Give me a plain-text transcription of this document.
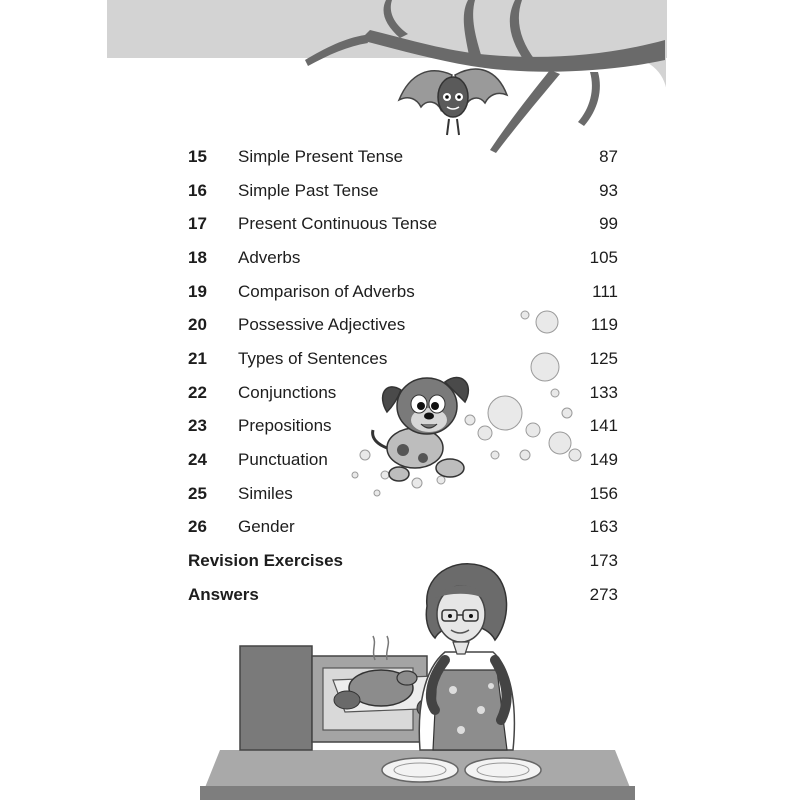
15	Simple Present Tense	87
16	Simple Past Tense	93
17	Present Continuous Tense	99
18	Adverbs	105
19	Comparison of Adverbs	111
20	Possessive Adjectives	119
21	Types of Sentences	125
22	Conjunctions	133
23	Prepositions	141
24	Punctuation	149
25	Similes	156
26	Gender	163
Revision Exercises	173
Answers	273
